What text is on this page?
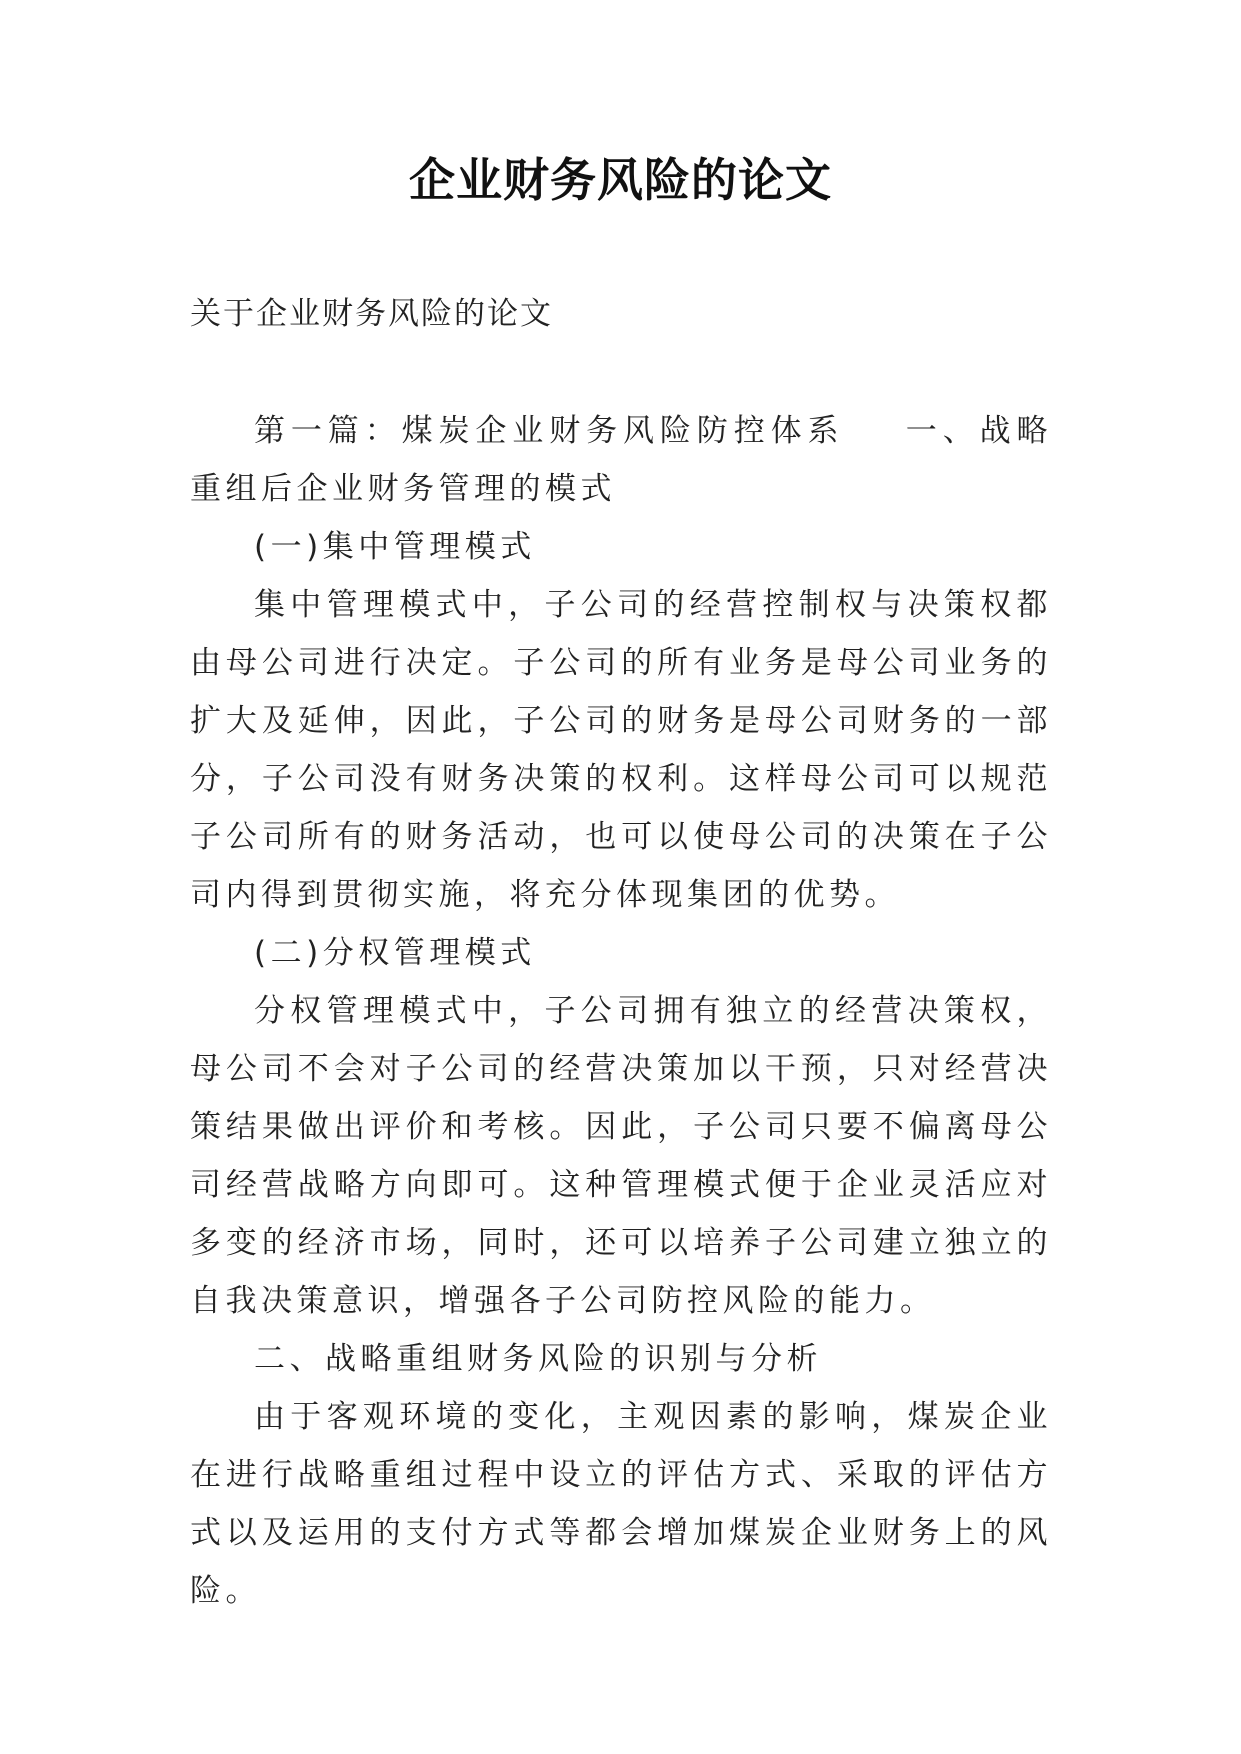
企业财务风险的论文
关于企业财务风险的论文

第一篇：煤炭企业财务风险防控体系 一、战略重组后企业财务管理的模式

(一)集中管理模式

集中管理模式中，子公司的经营控制权与决策权都由母公司进行决定。子公司的所有业务是母公司业务的扩大及延伸，因此，子公司的财务是母公司财务的一部分，子公司没有财务决策的权利。这样母公司可以规范子公司所有的财务活动，也可以使母公司的决策在子公司内得到贯彻实施，将充分体现集团的优势。

(二)分权管理模式

分权管理模式中，子公司拥有独立的经营决策权，母公司不会对子公司的经营决策加以干预，只对经营决策结果做出评价和考核。因此，子公司只要不偏离母公司经营战略方向即可。这种管理模式便于企业灵活应对多变的经济市场，同时，还可以培养子公司建立独立的自我决策意识，增强各子公司防控风险的能力。

二、战略重组财务风险的识别与分析

由于客观环境的变化，主观因素的影响，煤炭企业在进行战略重组过程中设立的评估方式、采取的评估方式以及运用的支付方式等都会增加煤炭企业财务上的风险。
